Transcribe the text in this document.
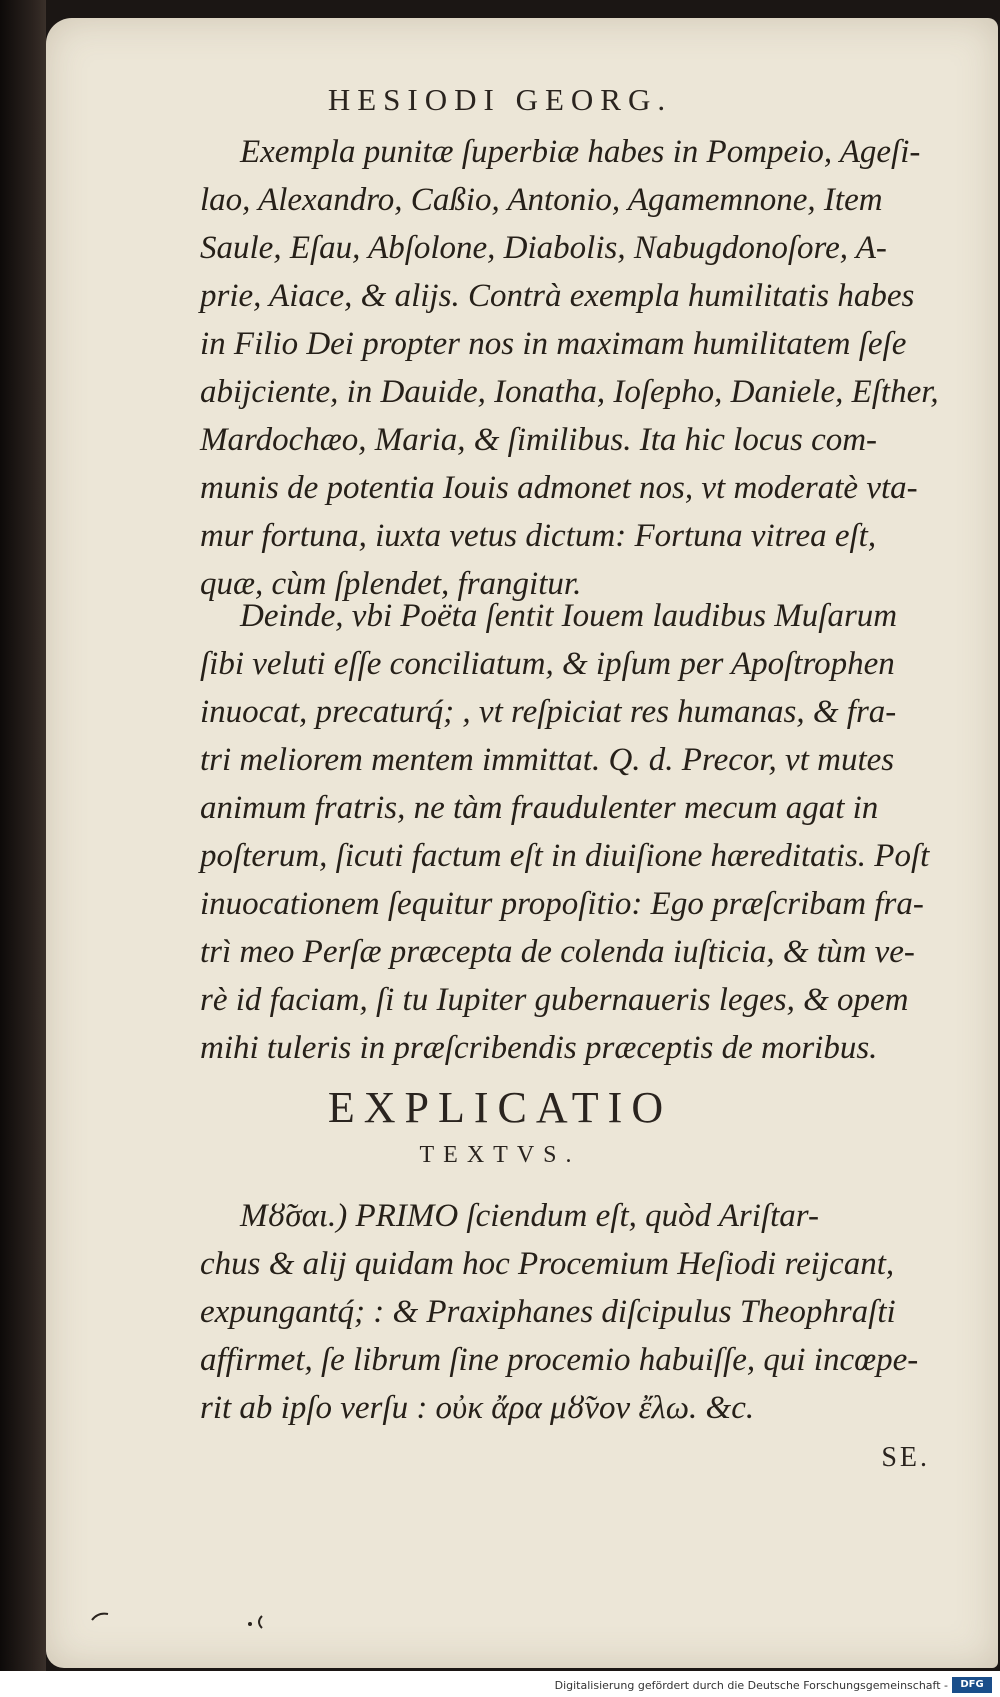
HESIODI GEORG.
Exempla punitæ ſuperbiæ habes in Pompeio, Ageſi-
lao, Alexandro, Caßio, Antonio, Agamemnone, Item
Saule, Eſau, Abſolone, Diabolis, Nabugdonoſore, A-
prie, Aiace, & alijs. Contrà exempla humilitatis habes
in Filio Dei propter nos in maximam humilitatem ſeſe
abijciente, in Dauide, Ionatha, Ioſepho, Daniele, Eſther,
Mardochæo, Maria, & ſimilibus. Ita hic locus com-
munis de potentia Iouis admonet nos, vt moderatè vta-
mur fortuna, iuxta vetus dictum: Fortuna vitrea eſt,
quæ, cùm ſplendet, frangitur.
Deinde, vbi Poëta ſentit Iouem laudibus Muſarum
ſibi veluti eſſe conciliatum, & ipſum per Apoſtrophen
inuocat, precaturq́; , vt reſpiciat res humanas, & fra-
tri meliorem mentem immittat. Q. d. Precor, vt mutes
animum fratris, ne tàm fraudulenter mecum agat in
poſterum, ſicuti factum eſt in diuiſione hæreditatis. Poſt
inuocationem ſequitur propoſitio: Ego præſcribam fra-
trì meo Perſæ præcepta de colenda iuſticia, & tùm ve-
rè id faciam, ſi tu Iupiter gubernaueris leges, & opem
mihi tuleris in præſcribendis præceptis de moribus.
EXPLICATIO
TEXTVS.
Μȣ̃σαι.) PRIMO ſciendum eſt, quòd Ariſtar-
chus & alij quidam hoc Procemium Heſiodi reijcant,
expungantq́; : & Praxiphanes diſcipulus Theophraſti
affirmet, ſe librum ſine procemio habuiſſe, qui incœpe-
rit ab ipſo verſu : οὐκ ἄρα μȣ̃νον ἔλω. &c.
SE.
Digitalisierung gefördert durch die Deutsche Forschungsgemeinschaft -	DFG
